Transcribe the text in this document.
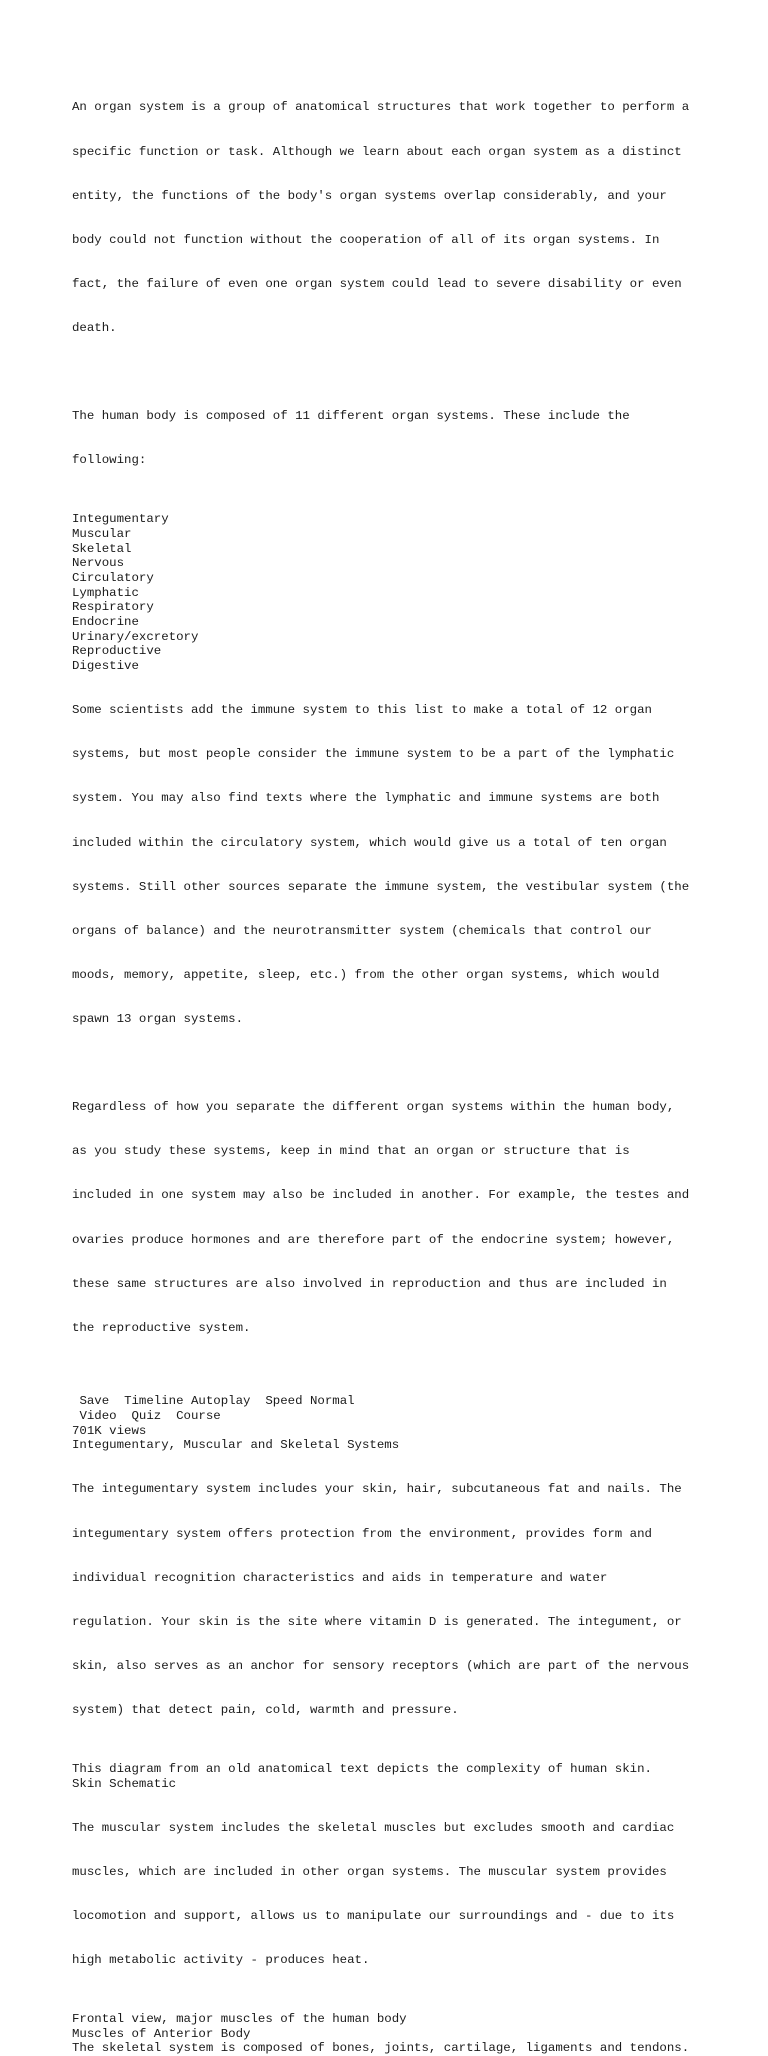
An organ system is a group of anatomical structures that work together to perform a

specific function or task. Although we learn about each organ system as a distinct

entity, the functions of the body's organ systems overlap considerably, and your

body could not function without the cooperation of all of its organ systems. In

fact, the failure of even one organ system could lead to severe disability or even

death.

The human body is composed of 11 different organ systems. These include the

following:

Integumentary
Muscular
Skeletal
Nervous
Circulatory
Lymphatic
Respiratory
Endocrine
Urinary/excretory
Reproductive
Digestive

Some scientists add the immune system to this list to make a total of 12 organ

systems, but most people consider the immune system to be a part of the lymphatic

system. You may also find texts where the lymphatic and immune systems are both

included within the circulatory system, which would give us a total of ten organ

systems. Still other sources separate the immune system, the vestibular system (the

organs of balance) and the neurotransmitter system (chemicals that control our

moods, memory, appetite, sleep, etc.) from the other organ systems, which would

spawn 13 organ systems.

Regardless of how you separate the different organ systems within the human body,

as you study these systems, keep in mind that an organ or structure that is

included in one system may also be included in another. For example, the testes and

ovaries produce hormones and are therefore part of the endocrine system; however,

these same structures are also involved in reproduction and thus are included in

the reproductive system.

Save Timeline Autoplay Speed Normal
Video Quiz Course
701K views
Integumentary, Muscular and Skeletal Systems

The integumentary system includes your skin, hair, subcutaneous fat and nails. The

integumentary system offers protection from the environment, provides form and

individual recognition characteristics and aids in temperature and water

regulation. Your skin is the site where vitamin D is generated. The integument, or

skin, also serves as an anchor for sensory receptors (which are part of the nervous

system) that detect pain, cold, warmth and pressure.

This diagram from an old anatomical text depicts the complexity of human skin.
Skin Schematic

The muscular system includes the skeletal muscles but excludes smooth and cardiac

muscles, which are included in other organ systems. The muscular system provides

locomotion and support, allows us to manipulate our surroundings and - due to its

high metabolic activity - produces heat.

Frontal view, major muscles of the human body
Muscles of Anterior Body
The skeletal system is composed of bones, joints, cartilage, ligaments and tendons.
